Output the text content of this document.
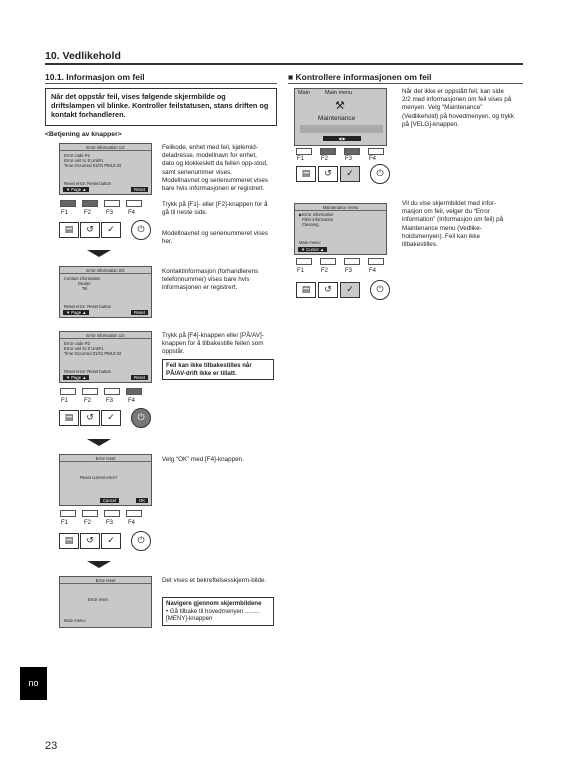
10. Vedlikehold
10.1. Informasjon om feil
Når det oppstår feil, vises følgende skjermbilde og driftslampen vil blinke. Kontroller feilstatusen, stans driften og kontakt forhandleren.
<Betjening av knapper>
Error information 1/2
Error code P2
Error unit IU 0 Unit#1
Time Occurred 01/01 PM12:34
Reset error: Reset button
▼ Page ▲	Reset
F1	F2 F3 F4
▤	↺	✓	⏻
Feilkode, enhet med feil, kjølemid-deladresse, modellnavn for enhet, dato og klokkeslett da feilen opp-stod, samt serienummer vises. Modellnavnet og serienummeret vises bare hvis informasjonen er registrert.
Trykk på [F1]- eller [F2]-knappen for å gå til neste side.
Modellnavnet og serienummeret vises her.
Error information 2/2
Contact information
Dealer
Tel
Reset error: Reset button
▼ Page ▲	Reset
Kontaktinformasjon (forhandlerens telefonnummer) vises bare hvis informasjonen er registrert.
Error information 1/2
Error code P2
Error unit IU 0 Unit#1
Time Occurred 01/01 PM12:34
Reset error: Reset button
▼ Page ▲	Reset
F1	F2 F3 F4
▤	↺	✓	⏻
Trykk på [F4]-knappen eller [PÅ/AV]-knappen for å tilbakestille feilen som oppstår.
Feil kan ikke tilbakestilles når PÅ/AV-drift ikke er tillatt.
Error reset
Reset current error?
Cancel	OK
F1	F2 F3 F4
▤	↺	✓	⏻
Velg “OK” med [F4]-knappen.
Error reset
Error reset
Main menu:
Det vises et bekreftelsesskjerm-bilde.
Navigere gjennom skjermbildene
• Gå tilbake til hovedmenyen ......... [MENY]-knappen
■ Kontrollere informasjonen om feil
Main	Main menu
⚒
Maintenance
◀ ▶
F1	F2	F3	F4
▤	↺	✓	⏻
Når det ikke er oppstått feil, kan side 2/2 med informasjonen om feil vises på menyen. Velg "Maintenance" (Vedlikehold) på hovedmenyen, og trykk på [VELG]-knappen.
Maintenance menu
▶Error information
Filter information
Cleaning
Main menu:
▼ Cursor ▲
F1	F2	F3	F4
▤	↺	✓	⏻
Vil du vise skjermbildet med infor-masjon om feil, velger du “Error information” (Informasjon om feil) på Maintenance menu (Vedlike-holdsmenyen). Feil kan ikke tilbakestilles.
no
23
